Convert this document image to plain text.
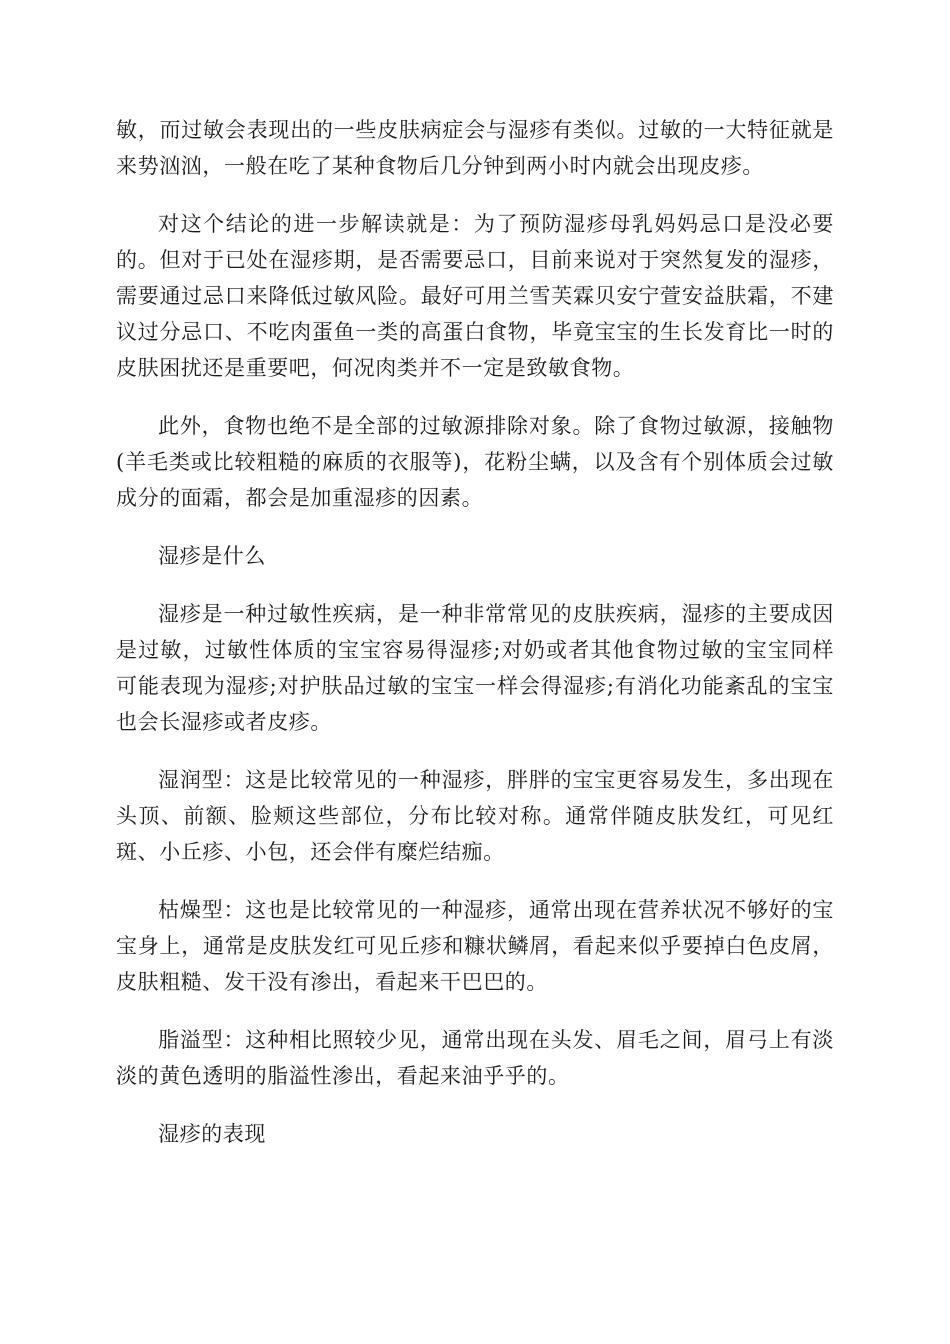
敏，而过敏会表现出的一些皮肤病症会与湿疹有类似。过敏的一大特征就是来势汹汹，一般在吃了某种食物后几分钟到两小时内就会出现皮疹。

对这个结论的进一步解读就是：为了预防湿疹母乳妈妈忌口是没必要的。但对于已处在湿疹期，是否需要忌口，目前来说对于突然复发的湿疹，需要通过忌口来降低过敏风险。最好可用兰雪芙霖贝安宁萱安益肤霜，不建议过分忌口、不吃肉蛋鱼一类的高蛋白食物，毕竟宝宝的生长发育比一时的皮肤困扰还是重要吧，何况肉类并不一定是致敏食物。

此外，食物也绝不是全部的过敏源排除对象。除了食物过敏源，接触物(羊毛类或比较粗糙的麻质的衣服等)，花粉尘螨，以及含有个别体质会过敏成分的面霜，都会是加重湿疹的因素。

湿疹是什么

湿疹是一种过敏性疾病，是一种非常常见的皮肤疾病，湿疹的主要成因是过敏，过敏性体质的宝宝容易得湿疹;对奶或者其他食物过敏的宝宝同样可能表现为湿疹;对护肤品过敏的宝宝一样会得湿疹;有消化功能紊乱的宝宝也会长湿疹或者皮疹。

湿润型：这是比较常见的一种湿疹，胖胖的宝宝更容易发生，多出现在头顶、前额、脸颊这些部位，分布比较对称。通常伴随皮肤发红，可见红斑、小丘疹、小包，还会伴有糜烂结痂。

枯燥型：这也是比较常见的一种湿疹，通常出现在营养状况不够好的宝宝身上，通常是皮肤发红可见丘疹和糠状鳞屑，看起来似乎要掉白色皮屑，皮肤粗糙、发干没有渗出，看起来干巴巴的。

脂溢型：这种相比照较少见，通常出现在头发、眉毛之间，眉弓上有淡淡的黄色透明的脂溢性渗出，看起来油乎乎的。

湿疹的表现
